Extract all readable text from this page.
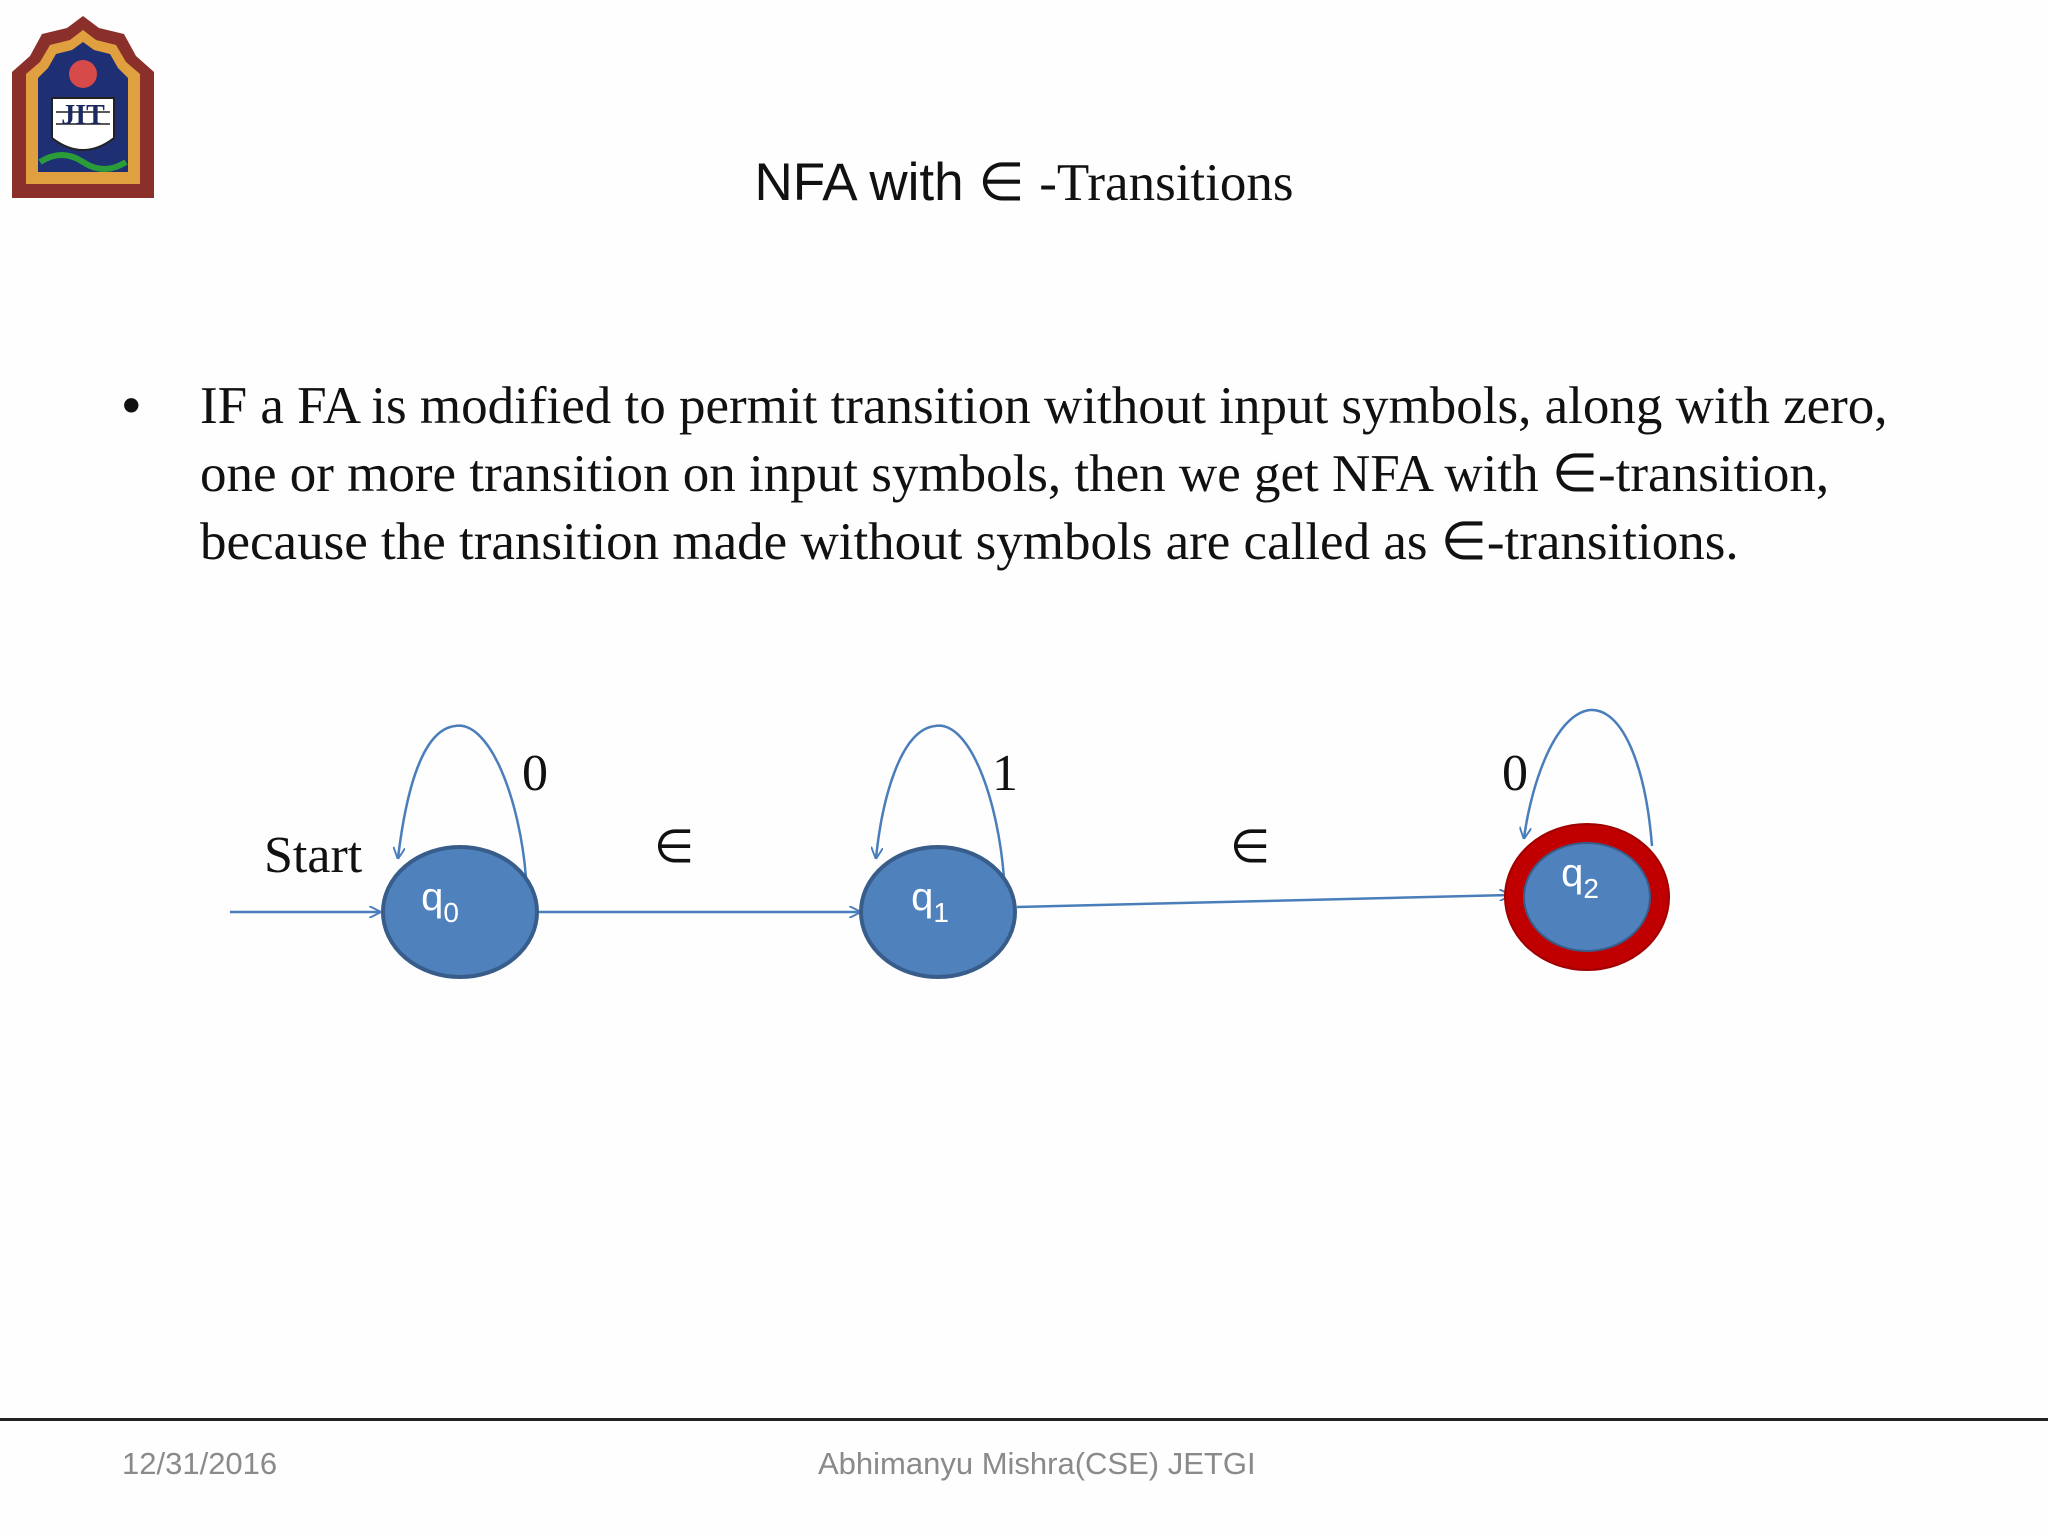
JIT
NFA with ∈ -Transitions
• IF a FA is modified to permit transition without input symbols, along with zero, one or more transition on input symbols, then we get NFA with ∈-transition, because the transition made without symbols are called as ∈-transitions.
Start
0
$q_0$
∈
1
$q_1$
∈
0
$q_2$
12/31/2016	Abhimanyu Mishra(CSE) JETGI
